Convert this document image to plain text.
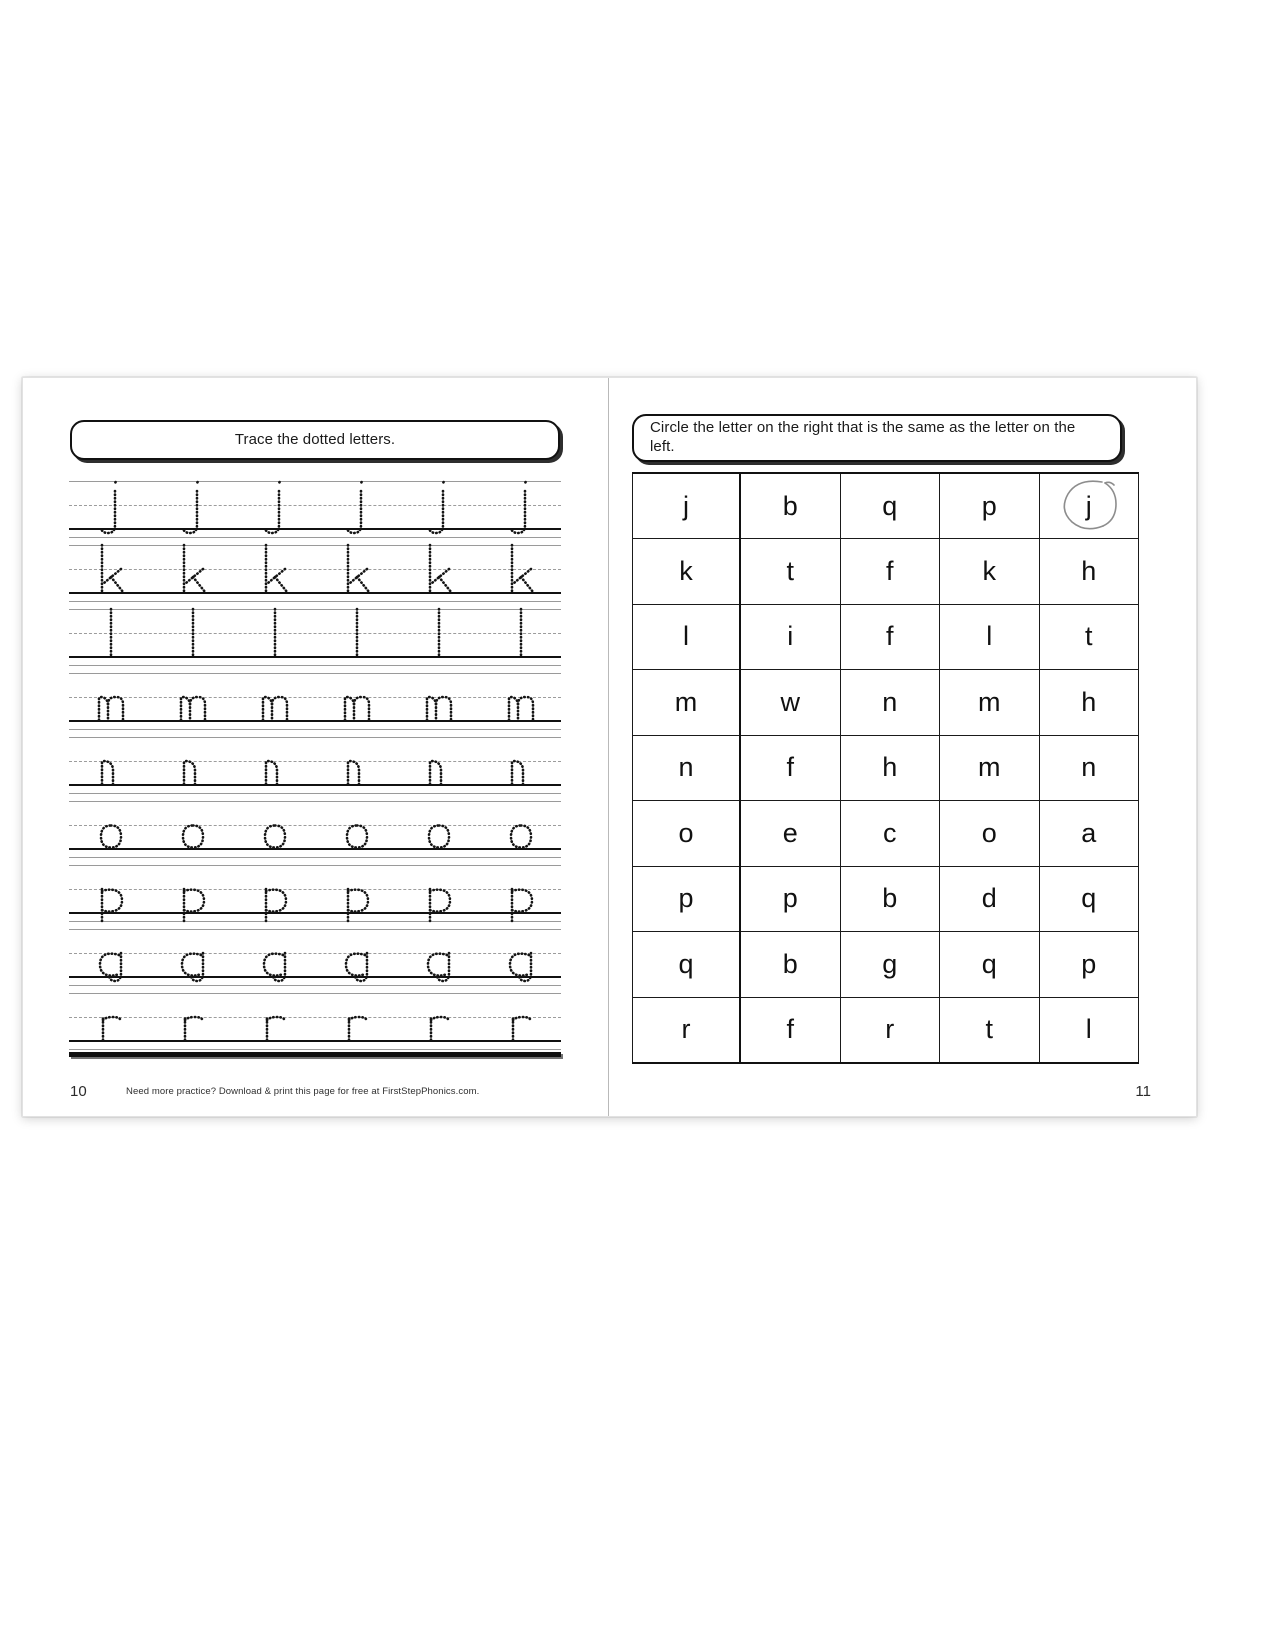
Trace the dotted letters.
10	Need more practice? Download & print this page for free at FirstStepPhonics.com.
Circle the letter on the right that is the same as the letter on the left.
j	b	q	p	j

k	t	f	k	h
l	i	f	l	t
m	w	n	m	h
n	f	h	m	n
o	e	c	o	a
p	p	b	d	q
q	b	g	q	p
r	f	r	t	l
11
